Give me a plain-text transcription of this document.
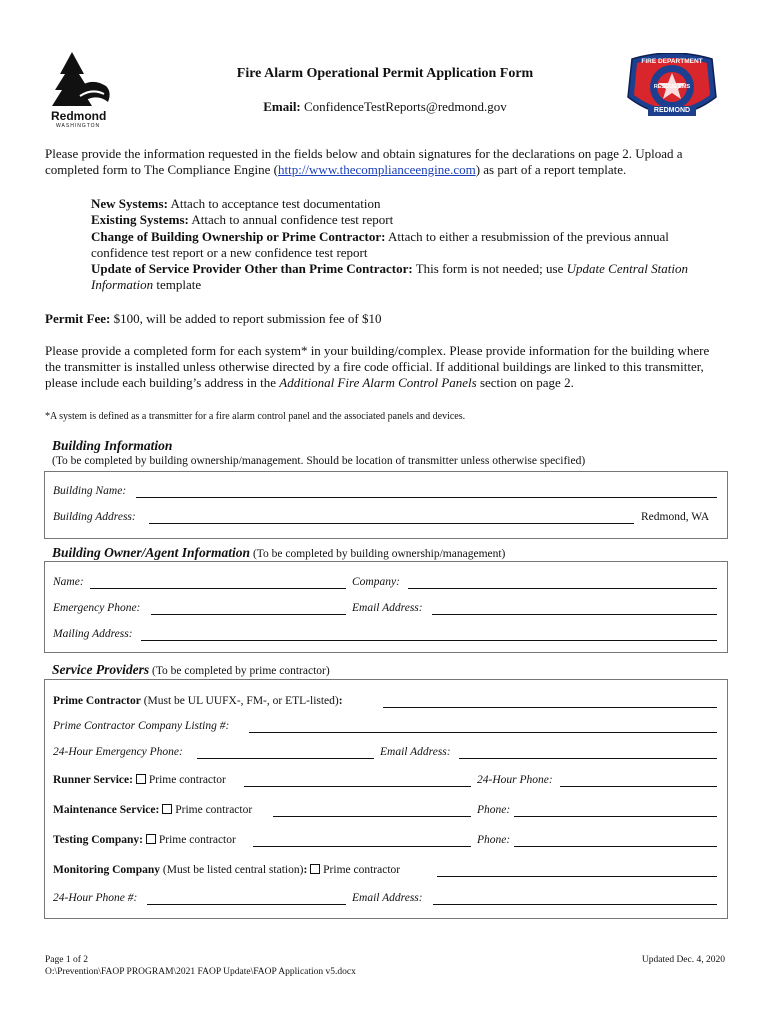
Redmond
WASHINGTON
Fire Alarm Operational Permit Application Form
Email: ConfidenceTestReports@redmond.gov
FIRE DEPARTMENT
RESCUE EMS
REDMOND
Please provide the information requested in the fields below and obtain signatures for the declarations on page 2. Upload a completed form to The Compliance Engine (http://www.thecomplianceengine.com) as part of a report template.
New Systems: Attach to acceptance test documentation
Existing Systems: Attach to annual confidence test report
Change of Building Ownership or Prime Contractor: Attach to either a resubmission of the previous annual confidence test report or a new confidence test report
Update of Service Provider Other than Prime Contractor: This form is not needed; use Update Central Station Information template
Permit Fee: $100, will be added to report submission fee of $10
Please provide a completed form for each system* in your building/complex. Please provide information for the building where the transmitter is installed unless otherwise directed by a fire code official. If additional buildings are linked to this transmitter, please include each building’s address in the Additional Fire Alarm Control Panels section on page 2.
*A system is defined as a transmitter for a fire alarm control panel and the associated panels and devices.
Building Information
(To be completed by building ownership/management. Should be location of transmitter unless otherwise specified)
Building Name:
Building Address:	Redmond, WA
Building Owner/Agent Information (To be completed by building ownership/management)
Name:	Company:
Emergency Phone:	Email Address:
Mailing Address:
Service Providers (To be completed by prime contractor)
Prime Contractor (Must be UL UUFX-, FM-, or ETL-listed):
Prime Contractor Company Listing #:
24-Hour Emergency Phone:	Email Address:
Runner Service: Prime contractor	24-Hour Phone:
Maintenance Service: Prime contractor	Phone:
Testing Company: Prime contractor	Phone:
Monitoring Company (Must be listed central station): Prime contractor
24-Hour Phone #:	Email Address:
Page 1 of 2
O:\Prevention\FAOP PROGRAM\2021 FAOP Update\FAOP Application v5.docx
Updated Dec. 4, 2020
